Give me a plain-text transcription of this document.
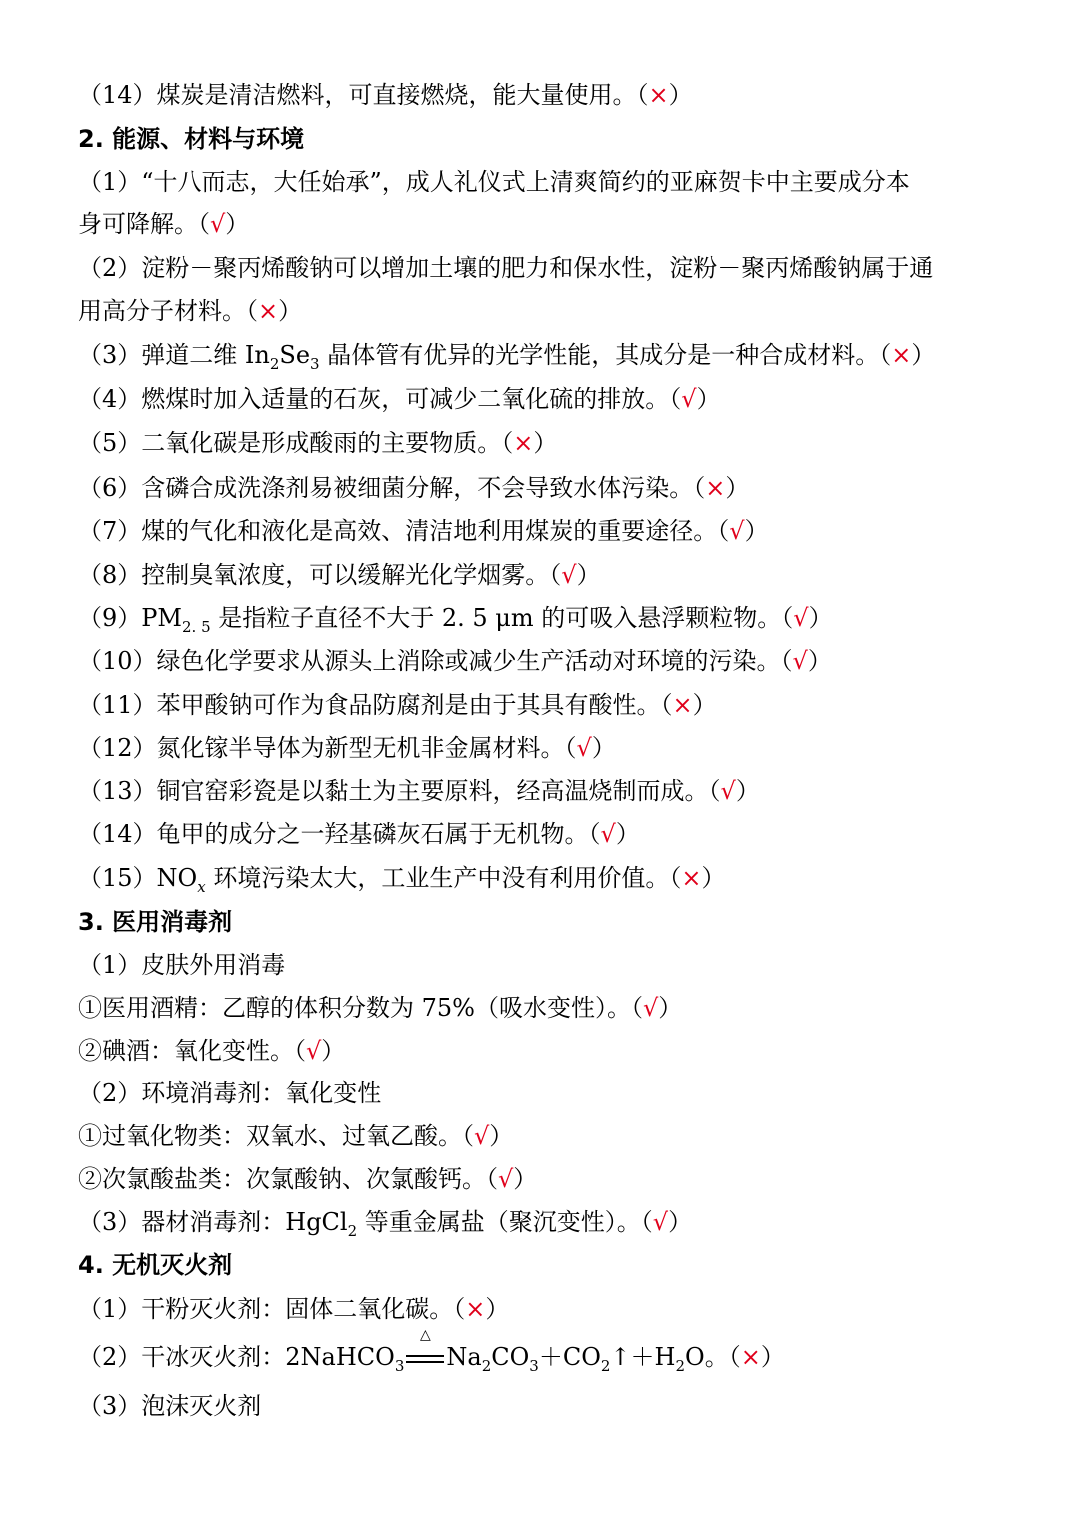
（14）煤炭是清洁燃料，可直接燃烧，能大量使用。（×）
2. 能源、材料与环境
（1）“十八而志，大任始承”，成人礼仪式上清爽简约的亚麻贺卡中主要成分本
身可降解。（√）
（2）淀粉－聚丙烯酸钠可以增加土壤的肥力和保水性，淀粉－聚丙烯酸钠属于通
用高分子材料。（×）
（3）弹道二维 $In_2Se_3$ 晶体管有优异的光学性能，其成分是一种合成材料。（×）
（4）燃煤时加入适量的石灰，可减少二氧化硫的排放。（√）
（5）二氧化碳是形成酸雨的主要物质。（×）
（6）含磷合成洗涤剂易被细菌分解，不会导致水体污染。（×）
（7）煤的气化和液化是高效、清洁地利用煤炭的重要途径。（√）
（8）控制臭氧浓度，可以缓解光化学烟雾。（√）
$(9)PM_{2. 5}$ 是指粒子直径不大于 2. 5 μm 的可吸入悬浮颗粒物。（√）
（10）绿色化学要求从源头上消除或减少生产活动对环境的污染。（√）
（11）苯甲酸钠可作为食品防腐剂是由于其具有酸性。（×）
（12）氮化镓半导体为新型无机非金属材料。（√）
（13）铜官窑彩瓷是以黏土为主要原料，经高温烧制而成。（√）
（14）龟甲的成分之一羟基磷灰石属于无机物。（√）
$(15)NO_x$ 环境污染太大，工业生产中没有利用价值。（×）
3. 医用消毒剂
（1）皮肤外用消毒
①医用酒精：乙醇的体积分数为 75%（吸水变性）。（√）
②碘酒：氧化变性。（√）
（2）环境消毒剂：氧化变性
①过氧化物类：双氧水、过氧乙酸。（√）
②次氯酸盐类：次氯酸钠、次氯酸钙。（√）
（3）器材消毒剂：HgCl$_2$ 等重金属盐（聚沉变性）。（√）
4. 无机灭火剂
（1）干粉灭火剂：固体二氧化碳。（×）
（2）干冰灭火剂：2NaHCO$_3$
△
$Na_2CO_3+CO_2↑+H_2O$。（×）
（3）泡沫灭火剂
